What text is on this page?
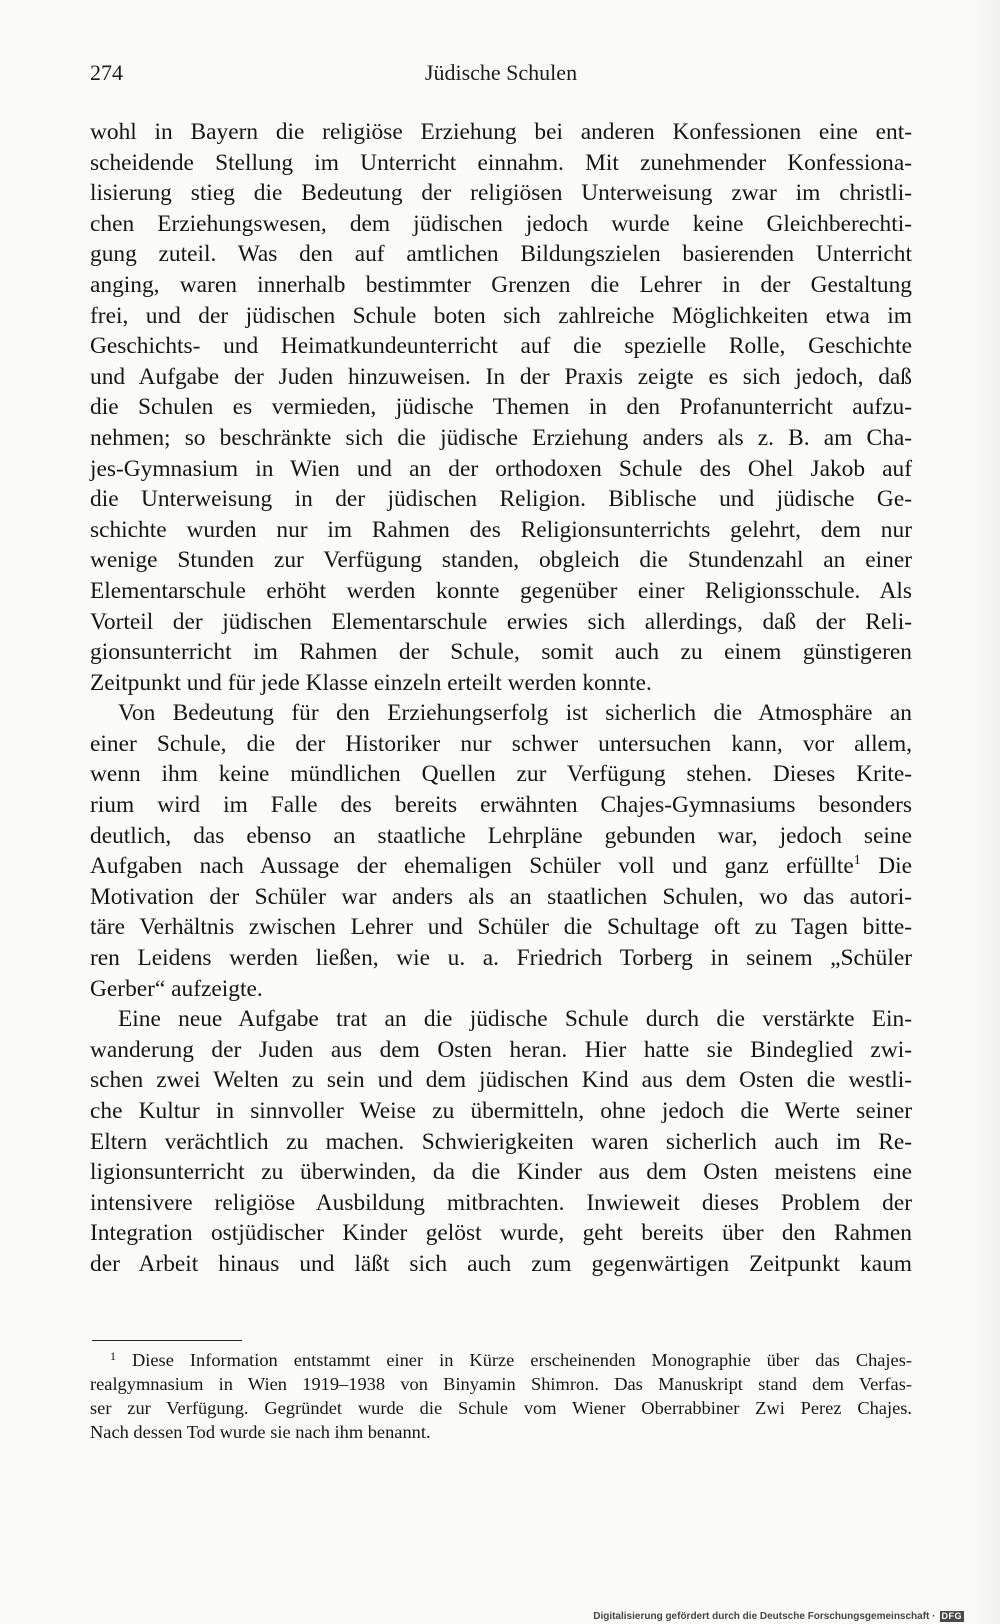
274	Jüdische Schulen

wohl in Bayern die religiöse Erziehung bei anderen Konfessionen eine ent-

scheidende Stellung im Unterricht einnahm. Mit zunehmender Konfessiona-

lisierung stieg die Bedeutung der religiösen Unterweisung zwar im christli-

chen Erziehungswesen, dem jüdischen jedoch wurde keine Gleichberechti-

gung zuteil. Was den auf amtlichen Bildungszielen basierenden Unterricht

anging, waren innerhalb bestimmter Grenzen die Lehrer in der Gestaltung

frei, und der jüdischen Schule boten sich zahlreiche Möglichkeiten etwa im

Geschichts- und Heimatkundeunterricht auf die spezielle Rolle, Geschichte

und Aufgabe der Juden hinzuweisen. In der Praxis zeigte es sich jedoch, daß

die Schulen es vermieden, jüdische Themen in den Profanunterricht aufzu-

nehmen; so beschränkte sich die jüdische Erziehung anders als z. B. am Cha-

jes-Gymnasium in Wien und an der orthodoxen Schule des Ohel Jakob auf

die Unterweisung in der jüdischen Religion. Biblische und jüdische Ge-

schichte wurden nur im Rahmen des Religionsunterrichts gelehrt, dem nur

wenige Stunden zur Verfügung standen, obgleich die Stundenzahl an einer

Elementarschule erhöht werden konnte gegenüber einer Religionsschule. Als

Vorteil der jüdischen Elementarschule erwies sich allerdings, daß der Reli-

gionsunterricht im Rahmen der Schule, somit auch zu einem günstigeren

Zeitpunkt und für jede Klasse einzeln erteilt werden konnte.

Von Bedeutung für den Erziehungserfolg ist sicherlich die Atmosphäre an

einer Schule, die der Historiker nur schwer untersuchen kann, vor allem,

wenn ihm keine mündlichen Quellen zur Verfügung stehen. Dieses Krite-

rium wird im Falle des bereits erwähnten Chajes-Gymnasiums besonders

deutlich, das ebenso an staatliche Lehrpläne gebunden war, jedoch seine

Aufgaben nach Aussage der ehemaligen Schüler voll und ganz erfüllte$^1$ Die

Motivation der Schüler war anders als an staatlichen Schulen, wo das autori-

täre Verhältnis zwischen Lehrer und Schüler die Schultage oft zu Tagen bitte-

ren Leidens werden ließen, wie u. a. Friedrich Torberg in seinem „Schüler

Gerber“ aufzeigte.

Eine neue Aufgabe trat an die jüdische Schule durch die verstärkte Ein-

wanderung der Juden aus dem Osten heran. Hier hatte sie Bindeglied zwi-

schen zwei Welten zu sein und dem jüdischen Kind aus dem Osten die westli-

che Kultur in sinnvoller Weise zu übermitteln, ohne jedoch die Werte seiner

Eltern verächtlich zu machen. Schwierigkeiten waren sicherlich auch im Re-

ligionsunterricht zu überwinden, da die Kinder aus dem Osten meistens eine

intensivere religiöse Ausbildung mitbrachten. Inwieweit dieses Problem der

Integration ostjüdischer Kinder gelöst wurde, geht bereits über den Rahmen

der Arbeit hinaus und läßt sich auch zum gegenwärtigen Zeitpunkt kaum

$^1$ Diese Information entstammt einer in Kürze erscheinenden Monographie über das Chajes-

realgymnasium in Wien 1919–1938 von Binyamin Shimron. Das Manuskript stand dem Verfas-

ser zur Verfügung. Gegründet wurde die Schule vom Wiener Oberrabbiner Zwi Perez Chajes.

Nach dessen Tod wurde sie nach ihm benannt.

Digitalisierung gefördert durch die Deutsche Forschungsgemeinschaft · DFG
